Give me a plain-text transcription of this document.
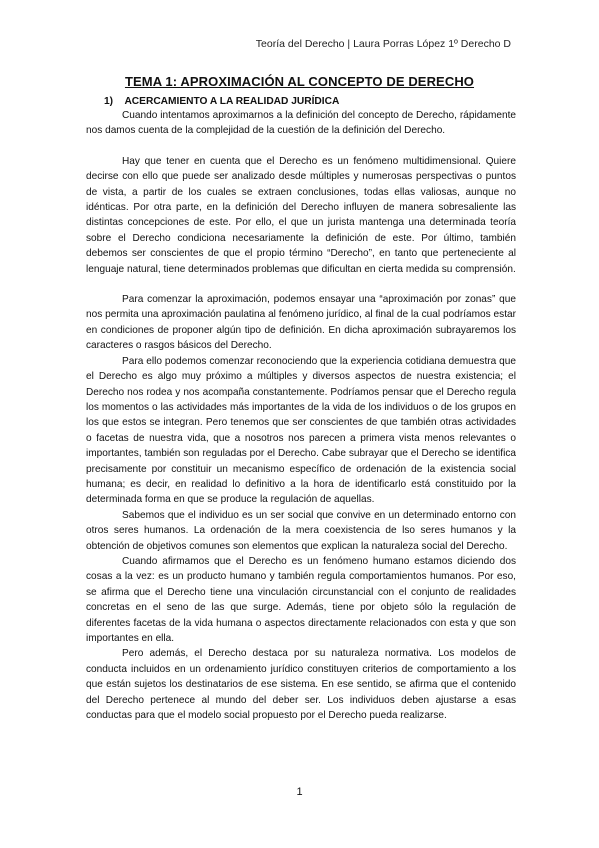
Teoría del Derecho | Laura Porras López 1º Derecho D
TEMA 1: APROXIMACIÓN AL CONCEPTO DE DERECHO
1) ACERCAMIENTO A LA REALIDAD JURÍDICA

Cuando intentamos aproximarnos a la definición del concepto de Derecho, rápidamente nos damos cuenta de la complejidad de la cuestión de la definición del Derecho.

Hay que tener en cuenta que el Derecho es un fenómeno multidimensional. Quiere decirse con ello que puede ser analizado desde múltiples y numerosas perspectivas o puntos de vista, a partir de los cuales se extraen conclusiones, todas ellas valiosas, aunque no idénticas. Por otra parte, en la definición del Derecho influyen de manera sobresaliente las distintas concepciones de este. Por ello, el que un jurista mantenga una determinada teoría sobre el Derecho condiciona necesariamente la definición de este. Por último, también debemos ser conscientes de que el propio término “Derecho”, en tanto que perteneciente al lenguaje natural, tiene determinados problemas que dificultan en cierta medida su comprensión.

Para comenzar la aproximación, podemos ensayar una “aproximación por zonas” que nos permita una aproximación paulatina al fenómeno jurídico, al final de la cual podríamos estar en condiciones de proponer algún tipo de definición. En dicha aproximación subrayaremos los caracteres o rasgos básicos del Derecho.

Para ello podemos comenzar reconociendo que la experiencia cotidiana demuestra que el Derecho es algo muy próximo a múltiples y diversos aspectos de nuestra existencia; el Derecho nos rodea y nos acompaña constantemente. Podríamos pensar que el Derecho regula los momentos o las actividades más importantes de la vida de los individuos o de los grupos en los que estos se integran. Pero tenemos que ser conscientes de que también otras actividades o facetas de nuestra vida, que a nosotros nos parecen a primera vista menos relevantes o importantes, también son reguladas por el Derecho. Cabe subrayar que el Derecho se identifica precisamente por constituir un mecanismo específico de ordenación de la existencia social humana; es decir, en realidad lo definitivo a la hora de identificarlo está constituido por la determinada forma en que se produce la regulación de aquellas.

Sabemos que el individuo es un ser social que convive en un determinado entorno con otros seres humanos. La ordenación de la mera coexistencia de lso seres humanos y la obtención de objetivos comunes son elementos que explican la naturaleza social del Derecho.

Cuando afirmamos que el Derecho es un fenómeno humano estamos diciendo dos cosas a la vez: es un producto humano y también regula comportamientos humanos. Por eso, se afirma que el Derecho tiene una vinculación circunstancial con el conjunto de realidades concretas en el seno de las que surge. Además, tiene por objeto sólo la regulación de diferentes facetas de la vida humana o aspectos directamente relacionados con esta y que son importantes en ella.

Pero además, el Derecho destaca por su naturaleza normativa. Los modelos de conducta incluidos en un ordenamiento jurídico constituyen criterios de comportamiento a los que están sujetos los destinatarios de ese sistema. En ese sentido, se afirma que el contenido del Derecho pertenece al mundo del deber ser. Los individuos deben ajustarse a esas conductas para que el modelo social propuesto por el Derecho pueda realizarse.

1
